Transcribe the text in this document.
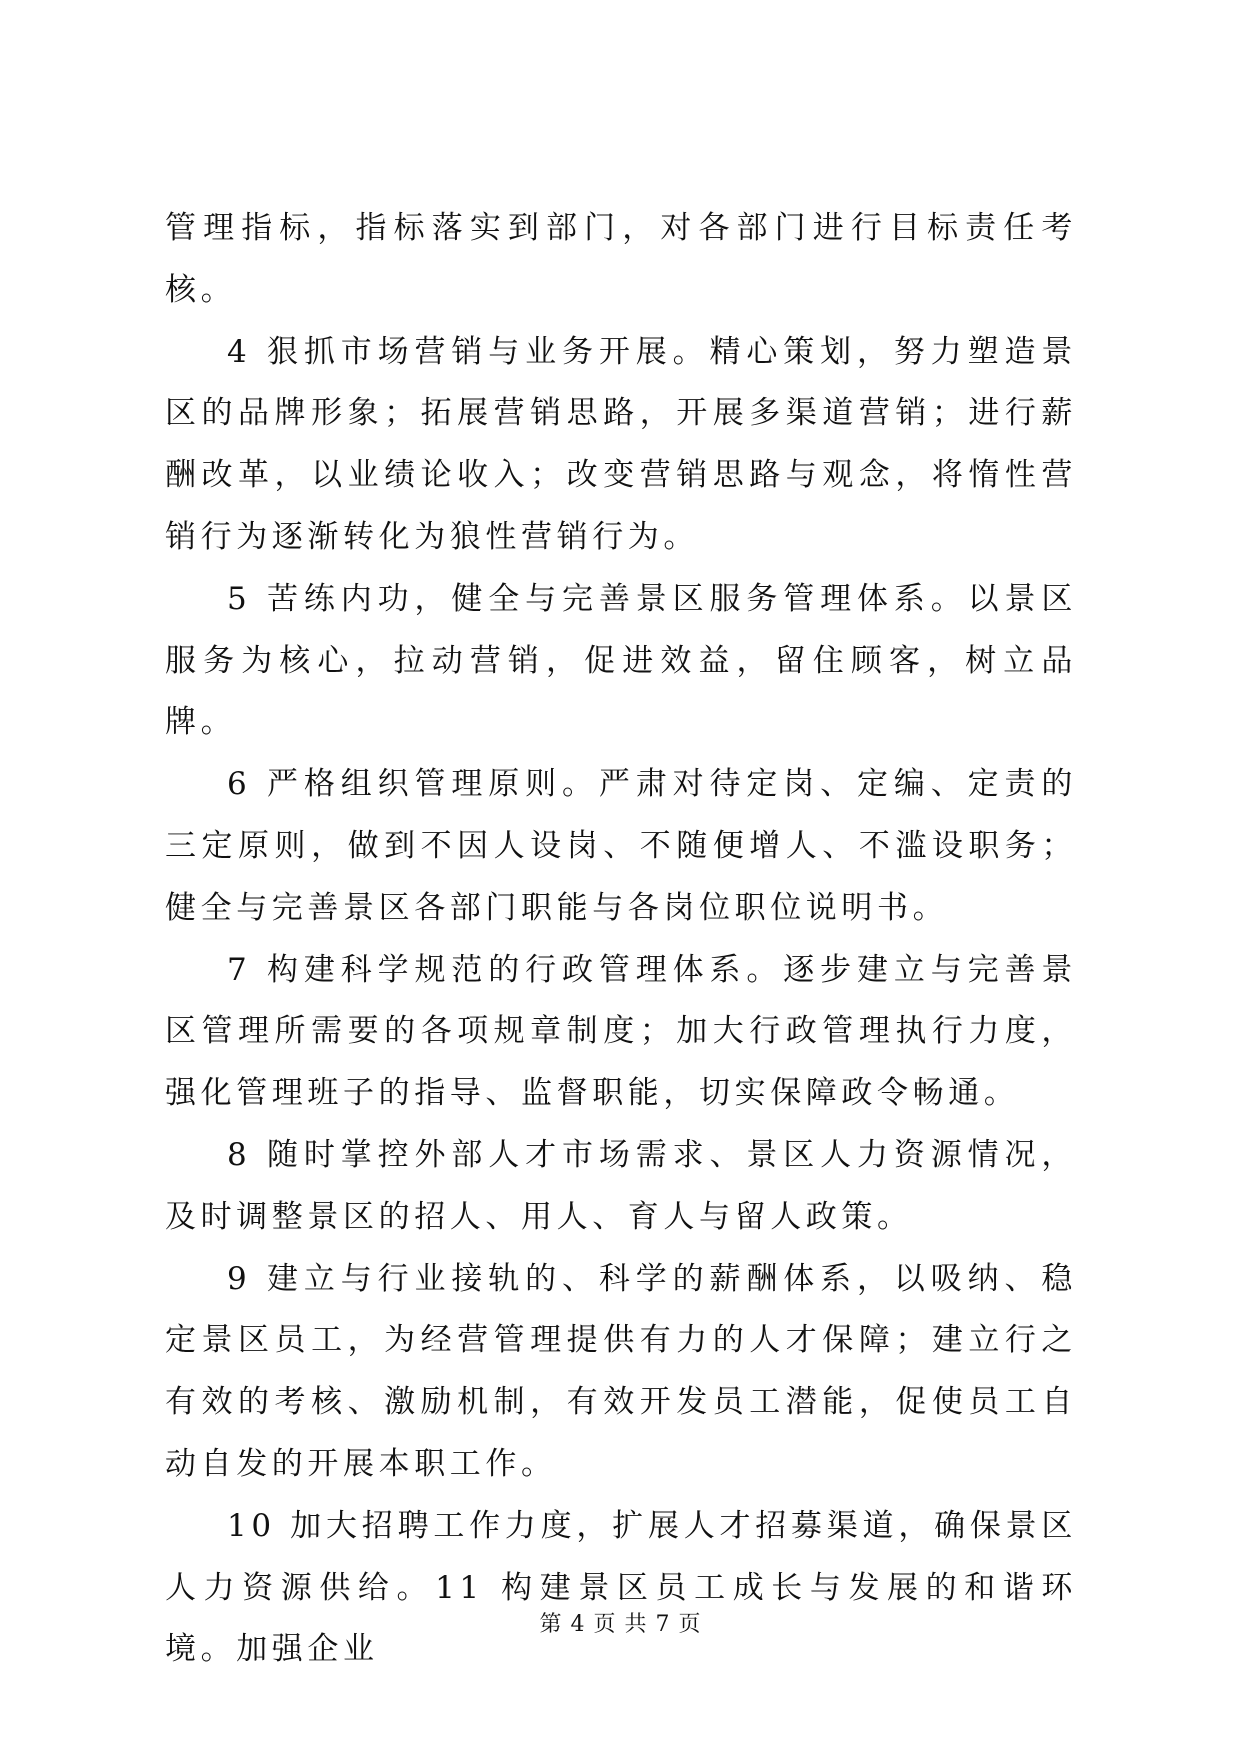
管理指标，指标落实到部门，对各部门进行目标责任考核。

4 狠抓市场营销与业务开展。精心策划，努力塑造景区的品牌形象；拓展营销思路，开展多渠道营销；进行薪酬改革，以业绩论收入；改变营销思路与观念，将惰性营销行为逐渐转化为狼性营销行为。

5 苦练内功，健全与完善景区服务管理体系。以景区服务为核心，拉动营销，促进效益，留住顾客，树立品牌。

6 严格组织管理原则。严肃对待定岗、定编、定责的三定原则，做到不因人设岗、不随便增人、不滥设职务；健全与完善景区各部门职能与各岗位职位说明书。

7 构建科学规范的行政管理体系。逐步建立与完善景区管理所需要的各项规章制度；加大行政管理执行力度，强化管理班子的指导、监督职能，切实保障政令畅通。

8 随时掌控外部人才市场需求、景区人力资源情况，及时调整景区的招人、用人、育人与留人政策。

9 建立与行业接轨的、科学的薪酬体系，以吸纳、稳定景区员工，为经营管理提供有力的人才保障；建立行之有效的考核、激励机制，有效开发员工潜能，促使员工自动自发的开展本职工作。

10 加大招聘工作力度，扩展人才招募渠道，确保景区人力资源供给。11 构建景区员工成长与发展的和谐环境。加强企业

第 4 页 共 7 页
